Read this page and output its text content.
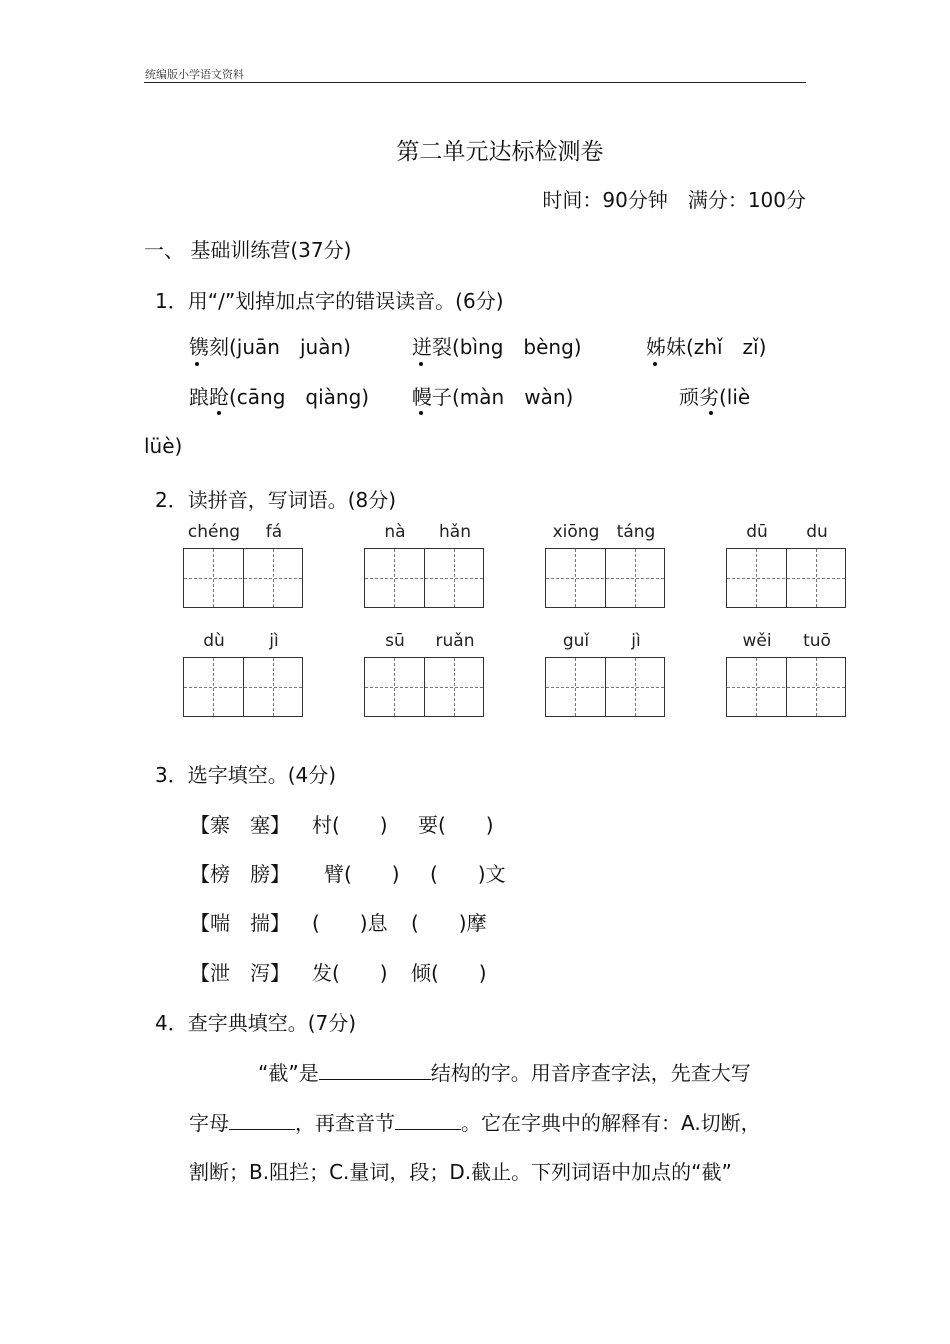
统编版小学语文资料
第二单元达标检测卷
时间：90分钟　满分：100分
一、 基础训练营(37分)
1．用“/”划掉加点字的错误读音。(6分)
镌刻(juān　juàn)	迸裂(bìng　bèng)	姊妹(zhǐ　zǐ)
踉跄(cāng　qiàng) 幔子(màn　wàn)	顽劣(liè
lüè)
2．读拼音，写词语。(8分)
chéng	fá	nà	hǎn	xiōng	táng	dū	du
dù	jì	sū	ruǎn	guǐ	jì	wěi	tuō
3．选字填空。(4分)
【寨　塞】 村(　　) 要(　　)
【榜　膀】 臂(　　) (　　)文
【喘　揣】 (　　)息 (　　)摩
【泄　泻】 发(　　) 倾(　　)
4．查字典填空。(7分)
“截”是	结构的字。用音序查字法，先查大写
字母	，再查音节	。它在字典中的解释有：A.切断，
割断；B.阻拦；C.量词，段；D.截止。下列词语中加点的“截”
